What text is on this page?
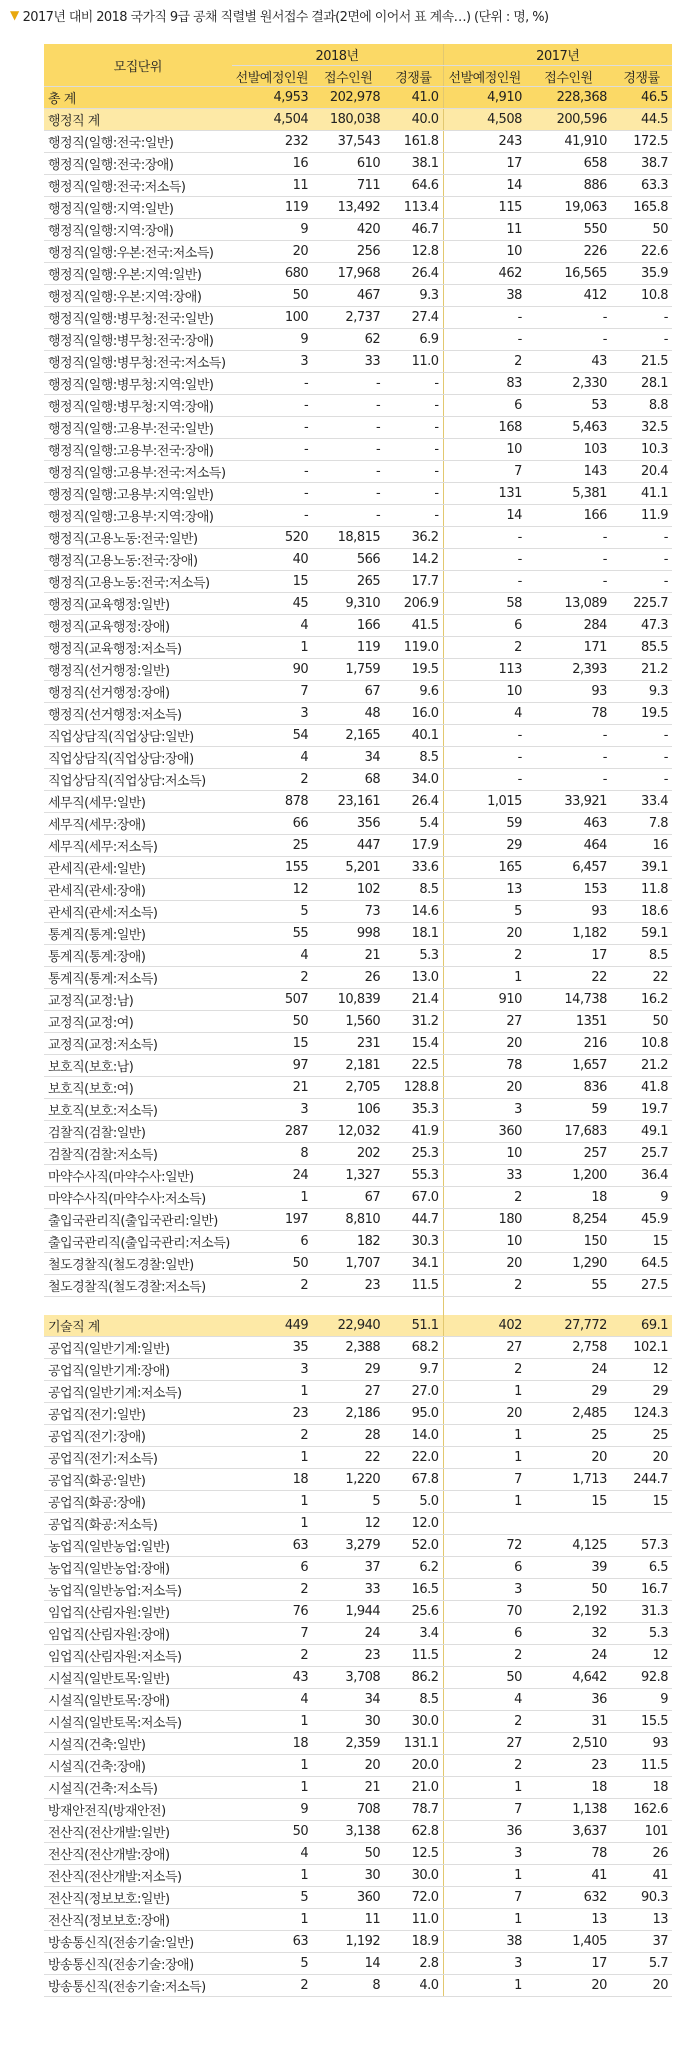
▼ 2017년 대비 2018 국가직 9급 공채 직렬별 원서접수 결과(2면에 이어서 표 계속…) (단위 : 명, %)
모집단위	2018년			2017년		
	선발예정인원	접수인원	경쟁률	선발예정인원	접수인원	경쟁률
총 계	4,953	202,978	41.0	4,910	228,368	46.5
행정직 계	4,504	180,038	40.0	4,508	200,596	44.5
행정직(일행:전국:일반)	232	37,543	161.8	243	41,910	172.5
행정직(일행:전국:장애)	16	610	38.1	17	658	38.7
행정직(일행:전국:저소득)	11	711	64.6	14	886	63.3
행정직(일행:지역:일반)	119	13,492	113.4	115	19,063	165.8
행정직(일행:지역:장애)	9	420	46.7	11	550	50
행정직(일행:우본:전국:저소득)	20	256	12.8	10	226	22.6
행정직(일행:우본:지역:일반)	680	17,968	26.4	462	16,565	35.9
행정직(일행:우본:지역:장애)	50	467	9.3	38	412	10.8
행정직(일행:병무청:전국:일반)	100	2,737	27.4	-	-	-
행정직(일행:병무청:전국:장애)	9	62	6.9	-	-	-
행정직(일행:병무청:전국:저소득)	3	33	11.0	2	43	21.5
행정직(일행:병무청:지역:일반)	-	-	-	83	2,330	28.1
행정직(일행:병무청:지역:장애)	-	-	-	6	53	8.8
행정직(일행:고용부:전국:일반)	-	-	-	168	5,463	32.5
행정직(일행:고용부:전국:장애)	-	-	-	10	103	10.3
행정직(일행:고용부:전국:저소득)	-	-	-	7	143	20.4
행정직(일행:고용부:지역:일반)	-	-	-	131	5,381	41.1
행정직(일행:고용부:지역:장애)	-	-	-	14	166	11.9
행정직(고용노동:전국:일반)	520	18,815	36.2	-	-	-
행정직(고용노동:전국:장애)	40	566	14.2	-	-	-
행정직(고용노동:전국:저소득)	15	265	17.7	-	-	-
행정직(교육행정:일반)	45	9,310	206.9	58	13,089	225.7
행정직(교육행정:장애)	4	166	41.5	6	284	47.3
행정직(교육행정:저소득)	1	119	119.0	2	171	85.5
행정직(선거행정:일반)	90	1,759	19.5	113	2,393	21.2
행정직(선거행정:장애)	7	67	9.6	10	93	9.3
행정직(선거행정:저소득)	3	48	16.0	4	78	19.5
직업상담직(직업상담:일반)	54	2,165	40.1	-	-	-
직업상담직(직업상담:장애)	4	34	8.5	-	-	-
직업상담직(직업상담:저소득)	2	68	34.0	-	-	-
세무직(세무:일반)	878	23,161	26.4	1,015	33,921	33.4
세무직(세무:장애)	66	356	5.4	59	463	7.8
세무직(세무:저소득)	25	447	17.9	29	464	16
관세직(관세:일반)	155	5,201	33.6	165	6,457	39.1
관세직(관세:장애)	12	102	8.5	13	153	11.8
관세직(관세:저소득)	5	73	14.6	5	93	18.6
통계직(통계:일반)	55	998	18.1	20	1,182	59.1
통계직(통계:장애)	4	21	5.3	2	17	8.5
통계직(통계:저소득)	2	26	13.0	1	22	22
교정직(교정:남)	507	10,839	21.4	910	14,738	16.2
교정직(교정:여)	50	1,560	31.2	27	1351	50
교정직(교정:저소득)	15	231	15.4	20	216	10.8
보호직(보호:남)	97	2,181	22.5	78	1,657	21.2
보호직(보호:여)	21	2,705	128.8	20	836	41.8
보호직(보호:저소득)	3	106	35.3	3	59	19.7
검찰직(검찰:일반)	287	12,032	41.9	360	17,683	49.1
검찰직(검찰:저소득)	8	202	25.3	10	257	25.7
마약수사직(마약수사:일반)	24	1,327	55.3	33	1,200	36.4
마약수사직(마약수사:저소득)	1	67	67.0	2	18	9
출입국관리직(출입국관리:일반)	197	8,810	44.7	180	8,254	45.9
출입국관리직(출입국관리:저소득)	6	182	30.3	10	150	15
철도경찰직(철도경찰:일반)	50	1,707	34.1	20	1,290	64.5
철도경찰직(철도경찰:저소득)	2	23	11.5	2	55	27.5

기술직 계	449	22,940	51.1	402	27,772	69.1
공업직(일반기계:일반)	35	2,388	68.2	27	2,758	102.1
공업직(일반기계:장애)	3	29	9.7	2	24	12
공업직(일반기계:저소득)	1	27	27.0	1	29	29
공업직(전기:일반)	23	2,186	95.0	20	2,485	124.3
공업직(전기:장애)	2	28	14.0	1	25	25
공업직(전기:저소득)	1	22	22.0	1	20	20
공업직(화공:일반)	18	1,220	67.8	7	1,713	244.7
공업직(화공:장애)	1	5	5.0	1	15	15
공업직(화공:저소득)	1	12	12.0			
농업직(일반농업:일반)	63	3,279	52.0	72	4,125	57.3
농업직(일반농업:장애)	6	37	6.2	6	39	6.5
농업직(일반농업:저소득)	2	33	16.5	3	50	16.7
임업직(산림자원:일반)	76	1,944	25.6	70	2,192	31.3
임업직(산림자원:장애)	7	24	3.4	6	32	5.3
임업직(산림자원:저소득)	2	23	11.5	2	24	12
시설직(일반토목:일반)	43	3,708	86.2	50	4,642	92.8
시설직(일반토목:장애)	4	34	8.5	4	36	9
시설직(일반토목:저소득)	1	30	30.0	2	31	15.5
시설직(건축:일반)	18	2,359	131.1	27	2,510	93
시설직(건축:장애)	1	20	20.0	2	23	11.5
시설직(건축:저소득)	1	21	21.0	1	18	18
방재안전직(방재안전)	9	708	78.7	7	1,138	162.6
전산직(전산개발:일반)	50	3,138	62.8	36	3,637	101
전산직(전산개발:장애)	4	50	12.5	3	78	26
전산직(전산개발:저소득)	1	30	30.0	1	41	41
전산직(정보보호:일반)	5	360	72.0	7	632	90.3
전산직(정보보호:장애)	1	11	11.0	1	13	13
방송통신직(전송기술:일반)	63	1,192	18.9	38	1,405	37
방송통신직(전송기술:장애)	5	14	2.8	3	17	5.7
방송통신직(전송기술:저소득)	2	8	4.0	1	20	20
